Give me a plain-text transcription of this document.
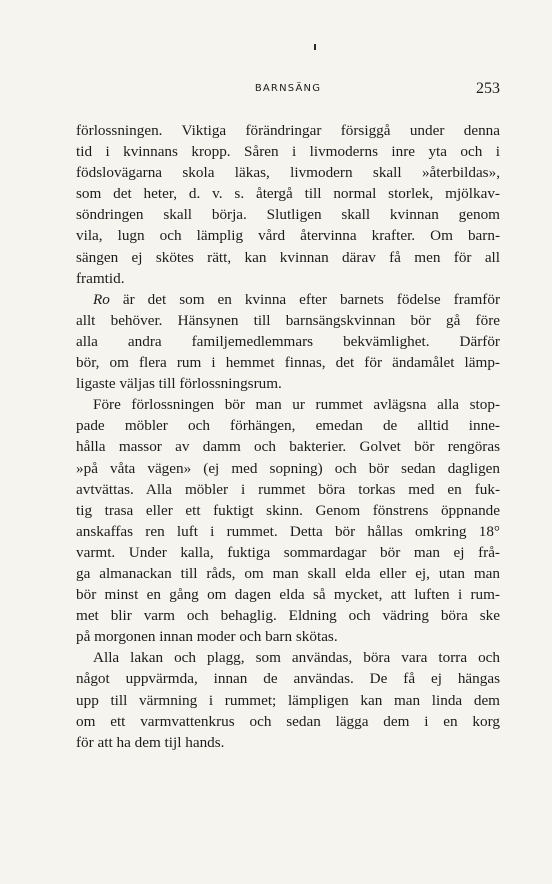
BARNSÄNG	253
förlossningen. Viktiga förändringar försiggå under denna
tid i kvinnans kropp. Såren i livmoderns inre yta och i
födslovägarna skola läkas, livmodern skall »återbildas»,
som det heter, d. v. s. återgå till normal storlek, mjölkav-
söndringen skall börja. Slutligen skall kvinnan genom
vila, lugn och lämplig vård återvinna krafter. Om barn-
sängen ej skötes rätt, kan kvinnan därav få men för all
framtid.
Ro är det som en kvinna efter barnets födelse framför
allt behöver. Hänsynen till barnsängskvinnan bör gå före
alla andra familjemedlemmars bekvämlighet. Därför
bör, om flera rum i hemmet finnas, det för ändamålet lämp-
ligaste väljas till förlossningsrum.
Före förlossningen bör man ur rummet avlägsna alla stop-
pade möbler och förhängen, emedan de alltid inne-
hålla massor av damm och bakterier. Golvet bör rengöras
»på våta vägen» (ej med sopning) och bör sedan dagligen
avtvättas. Alla möbler i rummet böra torkas med en fuk-
tig trasa eller ett fuktigt skinn. Genom fönstrens öppnande
anskaffas ren luft i rummet. Detta bör hållas omkring 18°
varmt. Under kalla, fuktiga sommardagar bör man ej frå-
ga almanackan till råds, om man skall elda eller ej, utan man
bör minst en gång om dagen elda så mycket, att luften i rum-
met blir varm och behaglig. Eldning och vädring böra ske
på morgonen innan moder och barn skötas.
Alla lakan och plagg, som användas, böra vara torra och
något uppvärmda, innan de användas. De få ej hängas
upp till värmning i rummet; lämpligen kan man linda dem
om ett varmvattenkrus och sedan lägga dem i en korg
för att ha dem tijl hands.
